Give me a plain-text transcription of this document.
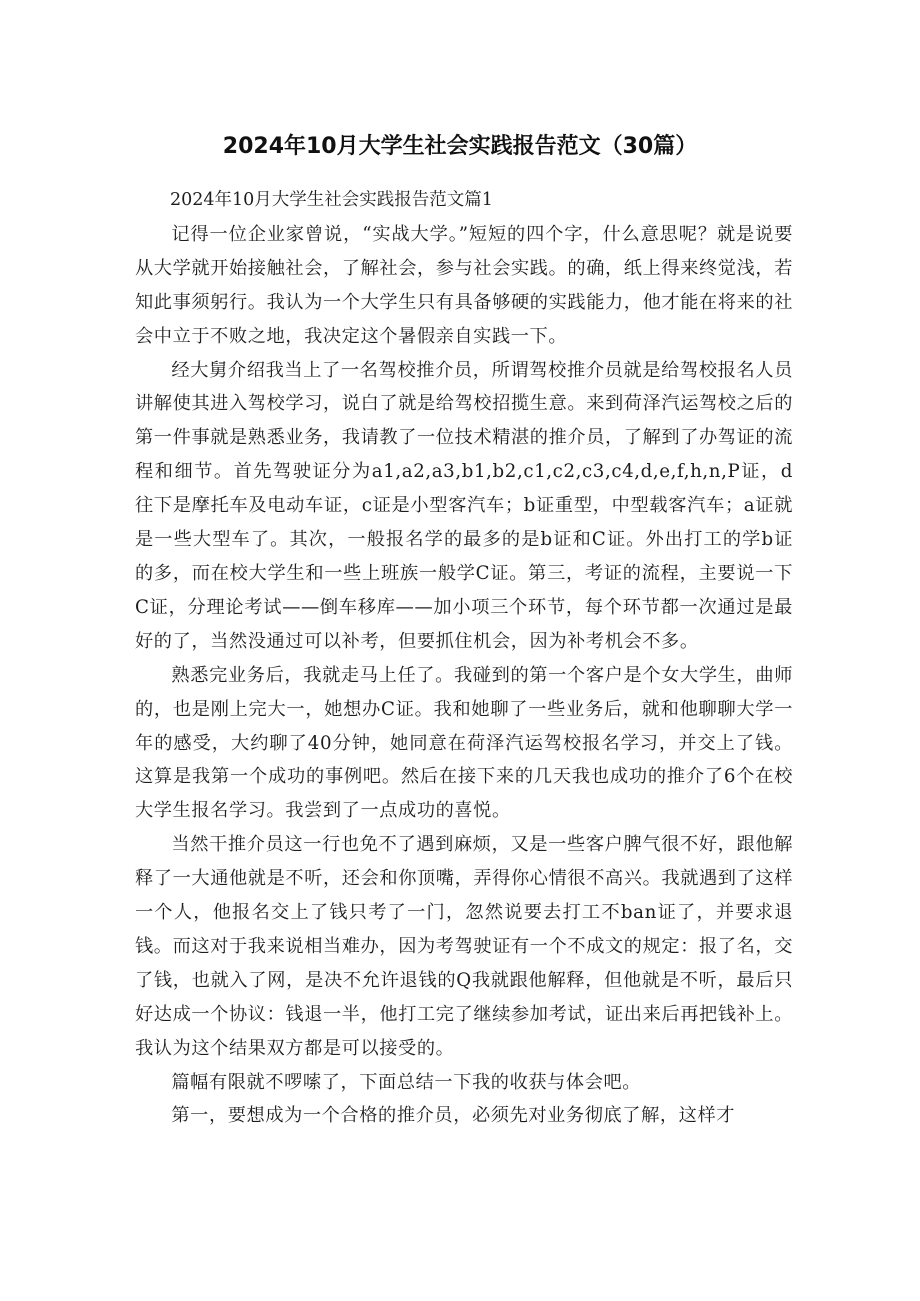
2024年10月大学生社会实践报告范文（30篇）

2024年10月大学生社会实践报告范文篇1

记得一位企业家曾说，“实战大学。”短短的四个字，什么意思呢？就是说要从大学就开始接触社会，了解社会，参与社会实践。的确，纸上得来终觉浅，若知此事须躬行。我认为一个大学生只有具备够硬的实践能力，他才能在将来的社会中立于不败之地，我决定这个暑假亲自实践一下。

经大舅介绍我当上了一名驾校推介员，所谓驾校推介员就是给驾校报名人员讲解使其进入驾校学习，说白了就是给驾校招揽生意。来到荷泽汽运驾校之后的第一件事就是熟悉业务，我请教了一位技术精湛的推介员，了解到了办驾证的流程和细节。首先驾驶证分为a1,a2,a3,b1,b2,c1,c2,c3,c4,d,e,f,h,n,P证，d往下是摩托车及电动车证，c证是小型客汽车；b证重型，中型载客汽车；a证就是一些大型车了。其次，一般报名学的最多的是b证和C证。外出打工的学b证的多，而在校大学生和一些上班族一般学C证。第三，考证的流程，主要说一下C证，分理论考试——倒车移库——加小项三个环节，每个环节都一次通过是最好的了，当然没通过可以补考，但要抓住机会，因为补考机会不多。

熟悉完业务后，我就走马上任了。我碰到的第一个客户是个女大学生，曲师的，也是刚上完大一，她想办C证。我和她聊了一些业务后，就和他聊聊大学一年的感受，大约聊了40分钟，她同意在荷泽汽运驾校报名学习，并交上了钱。这算是我第一个成功的事例吧。然后在接下来的几天我也成功的推介了6个在校大学生报名学习。我尝到了一点成功的喜悦。

当然干推介员这一行也免不了遇到麻烦，又是一些客户脾气很不好，跟他解释了一大通他就是不听，还会和你顶嘴，弄得你心情很不高兴。我就遇到了这样一个人，他报名交上了钱只考了一门，忽然说要去打工不ban证了，并要求退钱。而这对于我来说相当难办，因为考驾驶证有一个不成文的规定：报了名，交了钱，也就入了网，是决不允许退钱的Q我就跟他解释，但他就是不听，最后只好达成一个协议：钱退一半，他打工完了继续参加考试，证出来后再把钱补上。我认为这个结果双方都是可以接受的。

篇幅有限就不啰嗦了，下面总结一下我的收获与体会吧。

第一，要想成为一个合格的推介员，必须先对业务彻底了解，这样才
